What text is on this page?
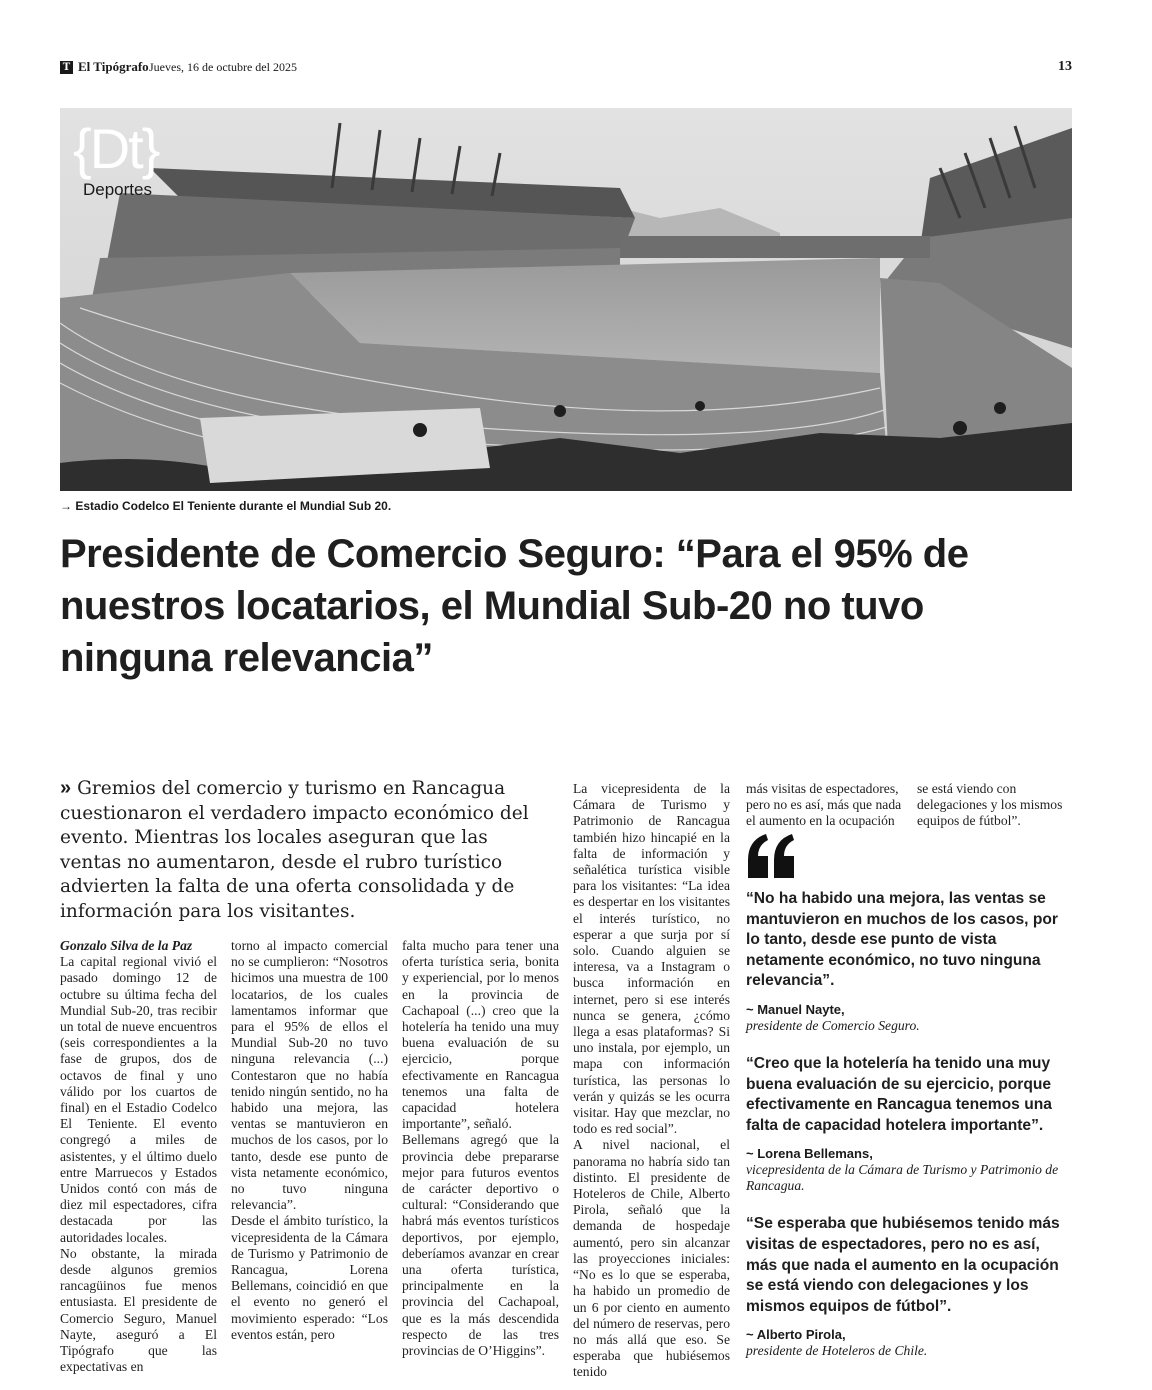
T El Tipógrafo Jueves, 16 de octubre del 2025	13
{Dt}
Deportes
→ Estadio Codelco El Teniente durante el Mundial Sub 20.
Presidente de Comercio Seguro: “Para el 95% de nuestros locatarios, el Mundial Sub-20 no tuvo ninguna relevancia”
» Gremios del comercio y turismo en Rancagua cuestionaron el verdadero impacto económico del evento. Mientras los locales aseguran que las ventas no aumentaron, desde el rubro turístico advierten la falta de una oferta consolidada y de información para los visitantes.

Gonzalo Silva de la Paz

La capital regional vivió el pasado domingo 12 de octubre su última fecha del Mundial Sub-20, tras recibir un total de nueve encuentros (seis correspondientes a la fase de grupos, dos de octavos de final y uno válido por los cuartos de final) en el Estadio Codelco El Teniente. El evento congregó a miles de asistentes, y el último duelo entre Marruecos y Estados Unidos contó con más de diez mil espectadores, cifra destacada por las autoridades locales.

No obstante, la mirada desde algunos gremios rancagüinos fue menos entusiasta. El presidente de Comercio Seguro, Manuel Nayte, aseguró a El Tipógrafo que las expectativas en

torno al impacto comercial no se cumplieron: “Nosotros hicimos una muestra de 100 locatarios, de los cuales lamentamos informar que para el 95% de ellos el Mundial Sub-20 no tuvo ninguna relevancia (...) Contestaron que no había tenido ningún sentido, no ha habido una mejora, las ventas se mantuvieron en muchos de los casos, por lo tanto, desde ese punto de vista netamente económico, no tuvo ninguna relevancia”.

Desde el ámbito turístico, la vicepresidenta de la Cámara de Turismo y Patrimonio de Rancagua, Lorena Bellemans, coincidió en que el evento no generó el movimiento esperado: “Los eventos están, pero

falta mucho para tener una oferta turística seria, bonita y experiencial, por lo menos en la provincia de Cachapoal (...) creo que la hotelería ha tenido una muy buena evaluación de su ejercicio, porque efectivamente en Rancagua tenemos una falta de capacidad hotelera importante”, señaló.

Bellemans agregó que la provincia debe prepararse mejor para futuros eventos de carácter deportivo o cultural: “Considerando que habrá más eventos turísticos deportivos, por ejemplo, deberíamos avanzar en crear una oferta turística, principalmente en la provincia del Cachapoal, que es la más descendida respecto de las tres provincias de O’Higgins”.

La vicepresidenta de la Cámara de Turismo y Patrimonio de Rancagua también hizo hincapié en la falta de información y señalética turística visible para los visitantes: “La idea es despertar en los visitantes el interés turístico, no esperar a que surja por sí solo. Cuando alguien se interesa, va a Instagram o busca información en internet, pero si ese interés nunca se genera, ¿cómo llega a esas plataformas? Si uno instala, por ejemplo, un mapa con información turística, las personas lo verán y quizás se les ocurra visitar. Hay que mezclar, no todo es red social”.

A nivel nacional, el panorama no habría sido tan distinto. El presidente de Hoteleros de Chile, Alberto Pirola, señaló que la demanda de hospedaje aumentó, pero sin alcanzar las proyecciones iniciales: “No es lo que se esperaba, ha habido un promedio de un 6 por ciento en aumento del número de reservas, pero no más allá que eso. Se esperaba que hubiésemos tenido

más visitas de espectadores, pero no es así, más que nada el aumento en la ocupación

se está viendo con delegaciones y los mismos equipos de fútbol”.

“No ha habido una mejora, las ventas se mantuvieron en muchos de los casos, por lo tanto, desde ese punto de vista netamente económico, no tuvo ninguna relevancia”.
~ Manuel Nayte,
presidente de Comercio Seguro.
“Creo que la hotelería ha tenido una muy buena evaluación de su ejercicio, porque efectivamente en Rancagua tenemos una falta de capacidad hotelera importante”.
~ Lorena Bellemans,
vicepresidenta de la Cámara de Turismo y Patrimonio de Rancagua.
“Se esperaba que hubiésemos tenido más visitas de espectadores, pero no es así, más que nada el aumento en la ocupación se está viendo con delegaciones y los mismos equipos de fútbol”.
~ Alberto Pirola,
presidente de Hoteleros de Chile.
